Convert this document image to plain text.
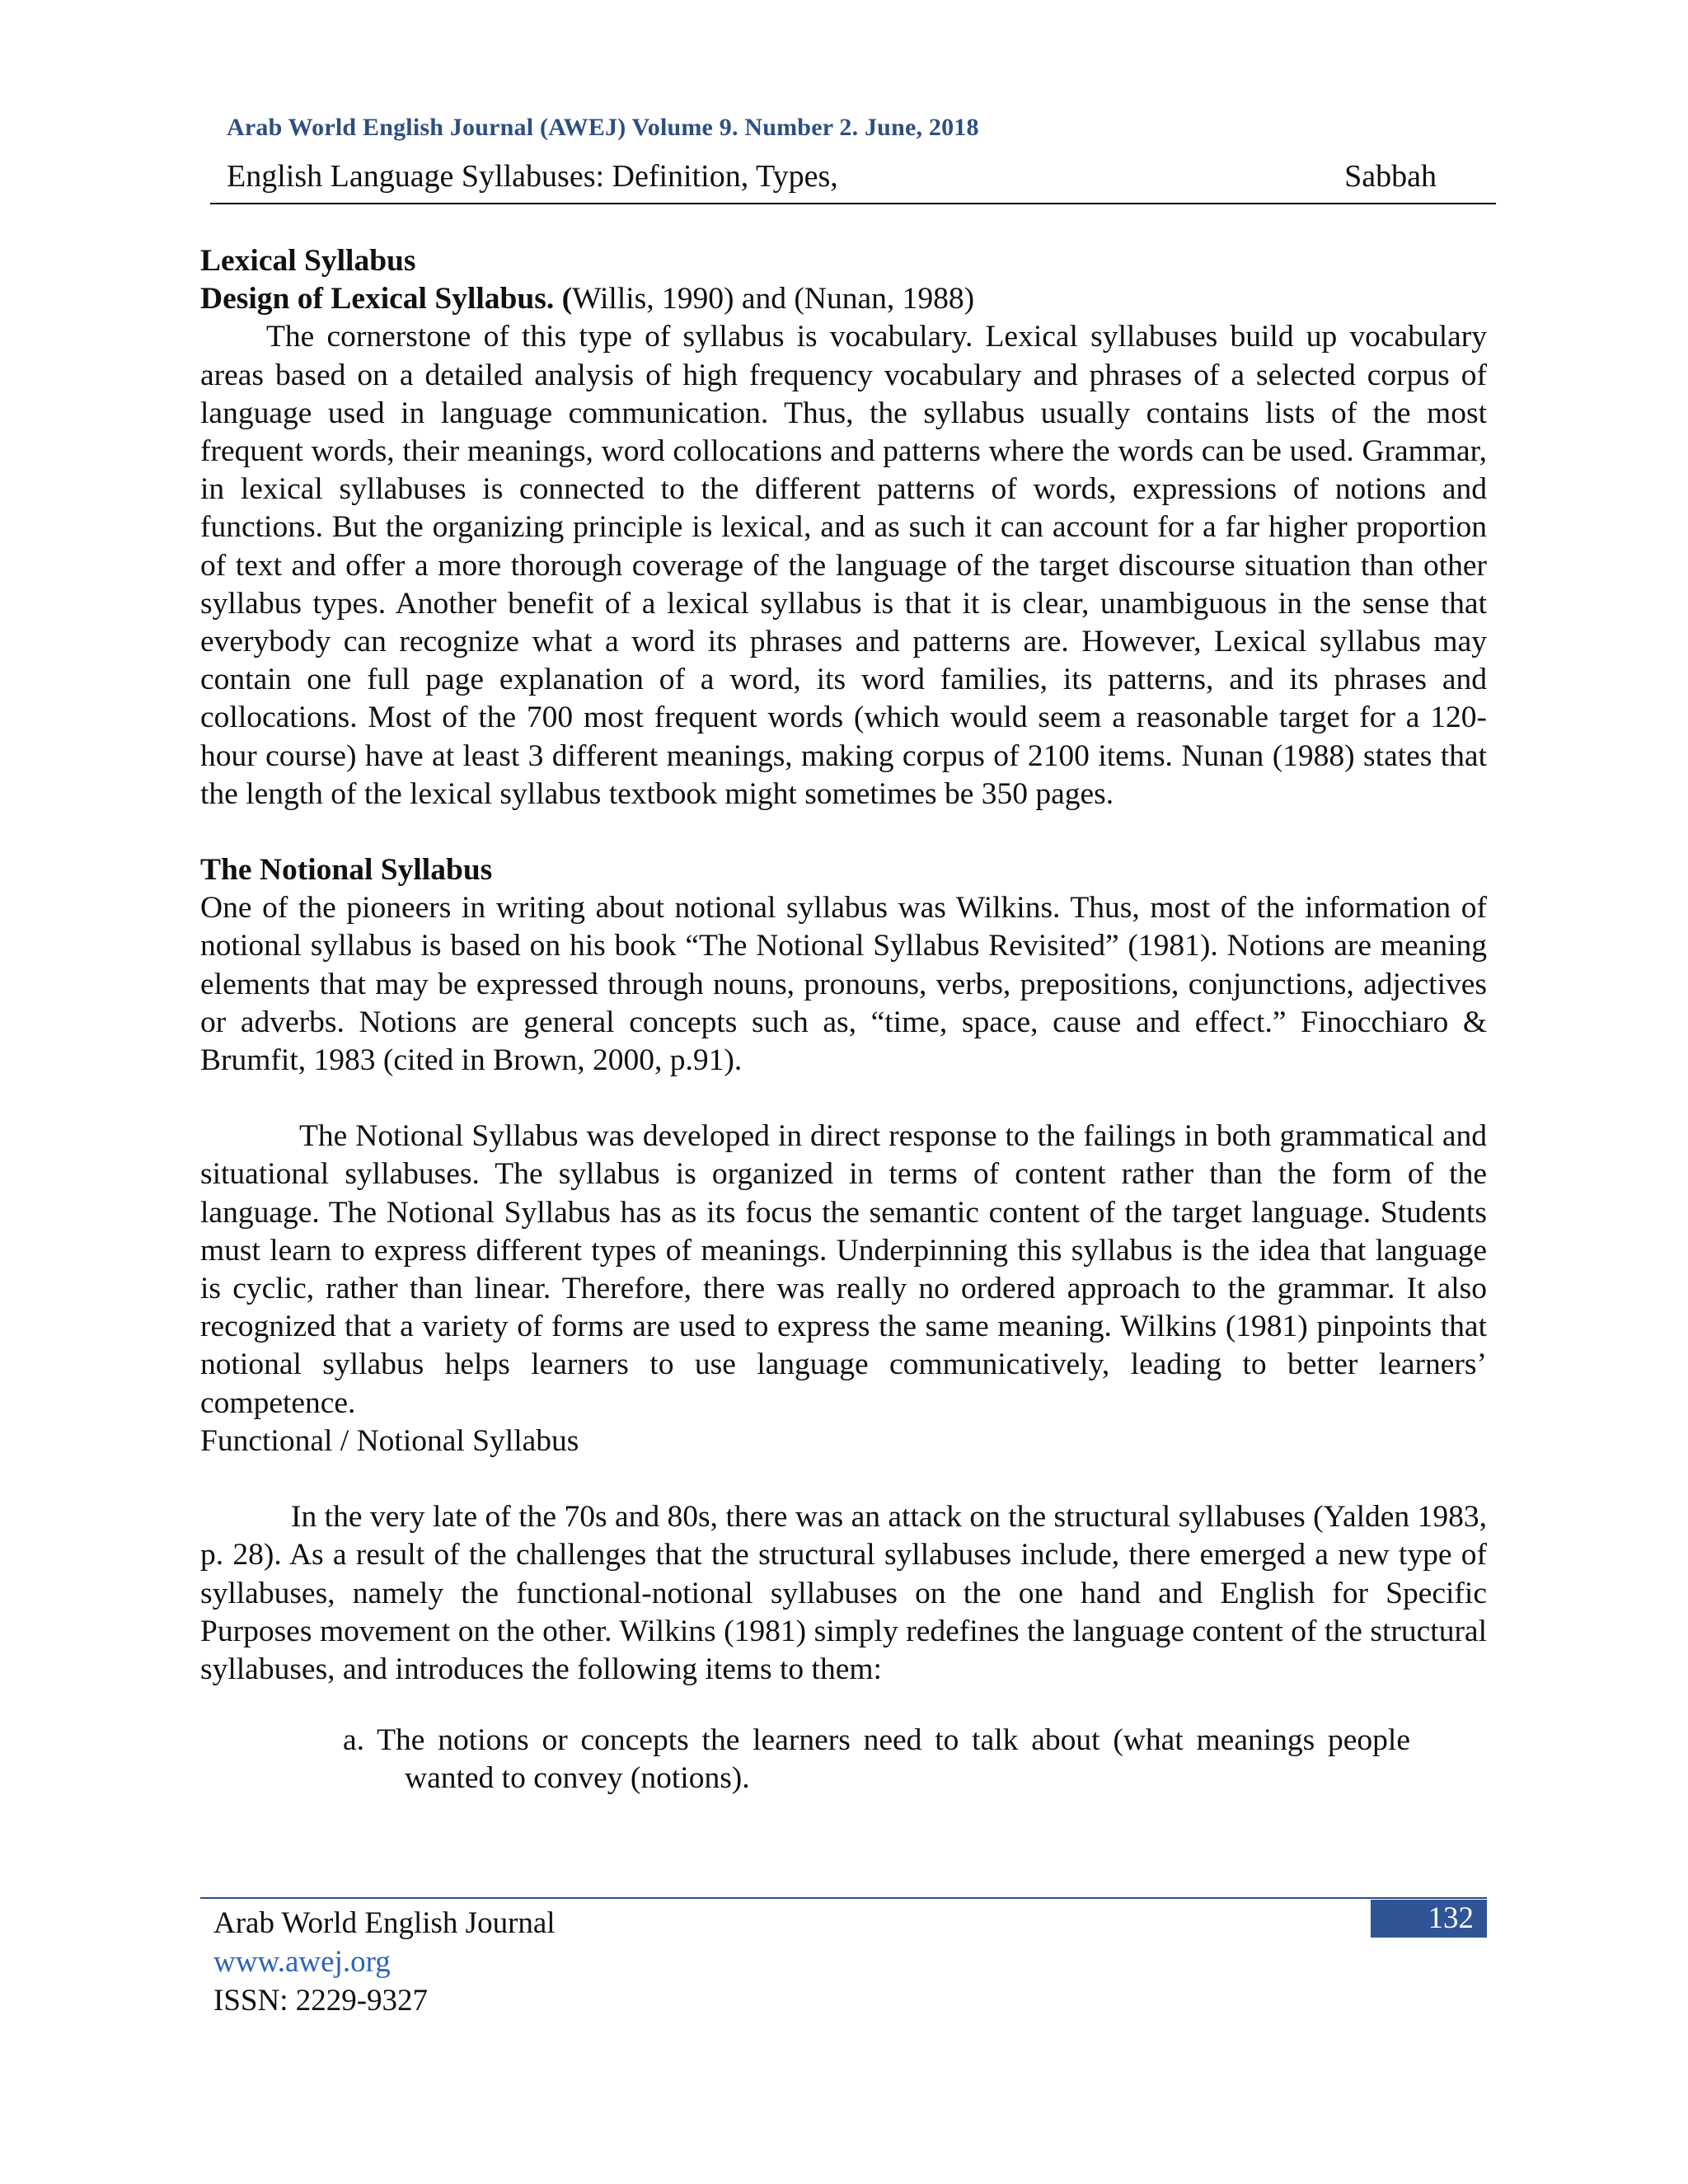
Arab World English Journal (AWEJ) Volume 9. Number 2. June, 2018
English Language Syllabuses: Definition, Types,	Sabbah

Lexical Syllabus

Design of Lexical Syllabus. (Willis, 1990) and (Nunan, 1988)

The cornerstone of this type of syllabus is vocabulary. Lexical syllabuses build up vocabulary areas based on a detailed analysis of high frequency vocabulary and phrases of a selected corpus of language used in language communication. Thus, the syllabus usually contains lists of the most frequent words, their meanings, word collocations and patterns where the words can be used. Grammar, in lexical syllabuses is connected to the different patterns of words, expressions of notions and functions. But the organizing principle is lexical, and as such it can account for a far higher proportion of text and offer a more thorough coverage of the language of the target discourse situation than other syllabus types. Another benefit of a lexical syllabus is that it is clear, unambiguous in the sense that everybody can recognize what a word its phrases and patterns are. However, Lexical syllabus may contain one full page explanation of a word, its word families, its patterns, and its phrases and collocations. Most of the 700 most frequent words (which would seem a reasonable target for a 120-hour course) have at least 3 different meanings, making corpus of 2100 items. Nunan (1988) states that the length of the lexical syllabus textbook might sometimes be 350 pages.

The Notional Syllabus

One of the pioneers in writing about notional syllabus was Wilkins. Thus, most of the information of notional syllabus is based on his book “The Notional Syllabus Revisited” (1981). Notions are meaning elements that may be expressed through nouns, pronouns, verbs, prepositions, conjunctions, adjectives or adverbs. Notions are general concepts such as, “time, space, cause and effect.” Finocchiaro & Brumfit, 1983 (cited in Brown, 2000, p.91).

The Notional Syllabus was developed in direct response to the failings in both grammatical and situational syllabuses. The syllabus is organized in terms of content rather than the form of the language. The Notional Syllabus has as its focus the semantic content of the target language. Students must learn to express different types of meanings. Underpinning this syllabus is the idea that language is cyclic, rather than linear. Therefore, there was really no ordered approach to the grammar. It also recognized that a variety of forms are used to express the same meaning. Wilkins (1981) pinpoints that notional syllabus helps learners to use language communicatively, leading to better learners’ competence.

Functional / Notional Syllabus

In the very late of the 70s and 80s, there was an attack on the structural syllabuses (Yalden 1983, p. 28). As a result of the challenges that the structural syllabuses include, there emerged a new type of syllabuses, namely the functional-notional syllabuses on the one hand and English for Specific Purposes movement on the other. Wilkins (1981) simply redefines the language content of the structural syllabuses, and introduces the following items to them:

a. The notions or concepts the learners need to talk about (what meanings people wanted to convey (notions).

Arab World English Journal
www.awej.org
ISSN: 2229-9327
132
